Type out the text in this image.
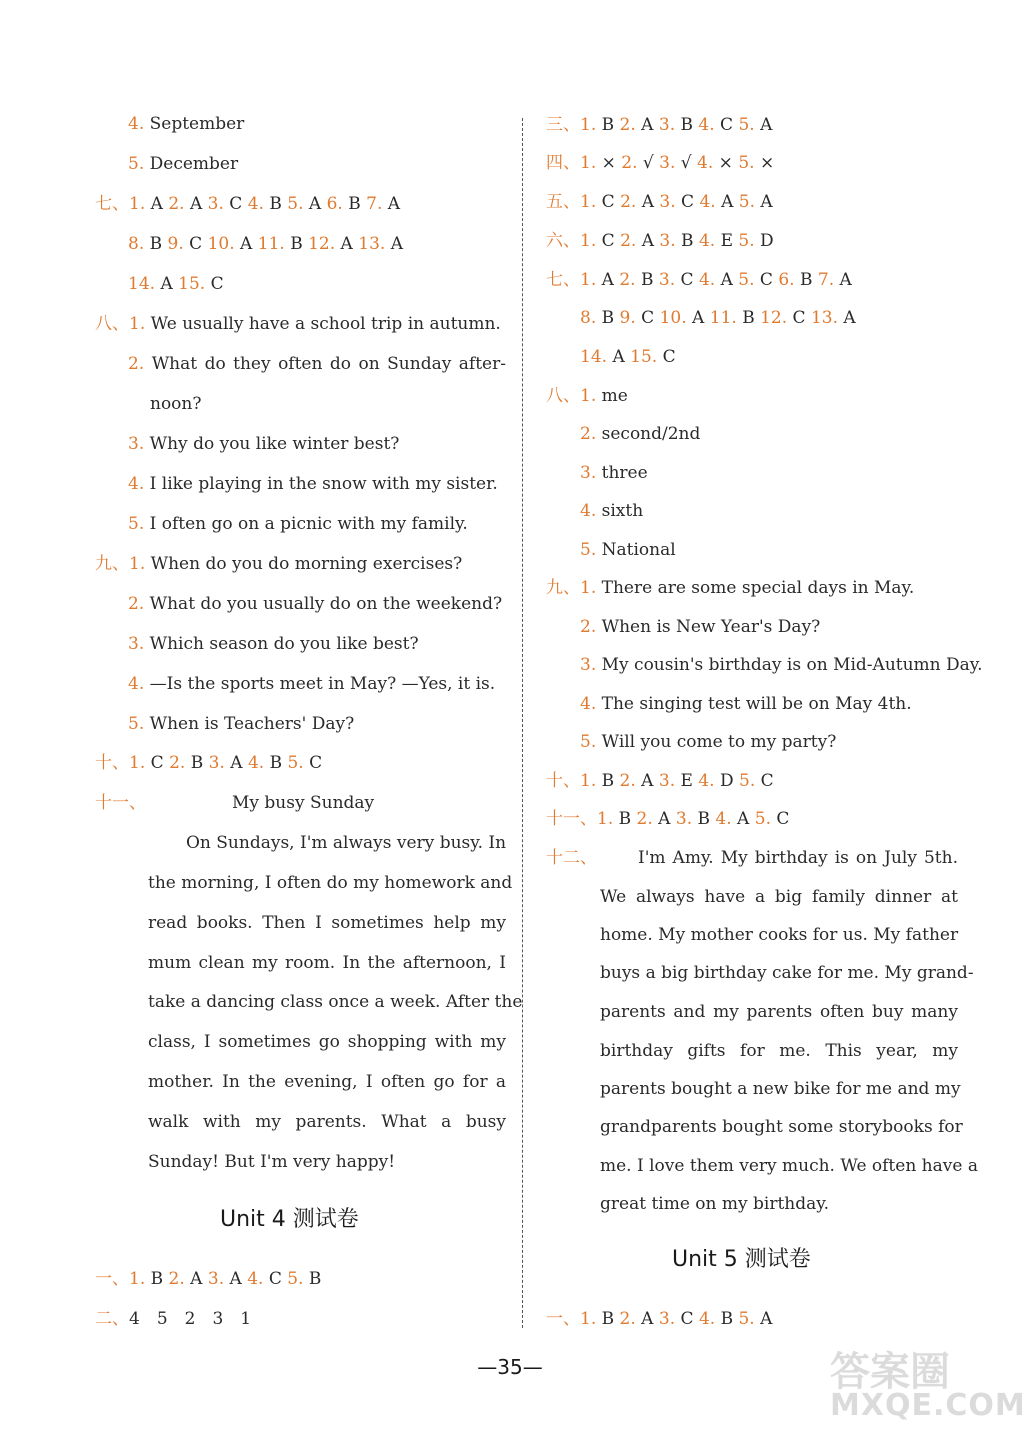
4. September
5. December
七、1. A 2. A 3. C 4. B 5. A 6. B 7. A
8. B 9. C 10. A 11. B 12. A 13. A
14. A 15. C
八、1. We usually have a school trip in autumn.
2. What do they often do on Sunday after-
noon?
3. Why do you like winter best?
4. I like playing in the snow with my sister.
5. I often go on a picnic with my family.
九、1. When do you do morning exercises?
2. What do you usually do on the weekend?
3. Which season do you like best?
4. —Is the sports meet in May? —Yes, it is.
5. When is Teachers' Day?
十、1. C 2. B 3. A 4. B 5. C
十一、	My busy Sunday
On Sundays, I'm always very busy. In
the morning, I often do my homework and
read books. Then I sometimes help my
mum clean my room. In the afternoon, I
take a dancing class once a week. After the
class, I sometimes go shopping with my
mother. In the evening, I often go for a
walk with my parents. What a busy
Sunday! But I'm very happy!
Unit 4 测试卷
一、1. B 2. A 3. A 4. C 5. B
二、4　5　2　3　1
三、1. B 2. A 3. B 4. C 5. A
四、1. × 2. √ 3. √ 4. × 5. ×
五、1. C 2. A 3. C 4. A 5. A
六、1. C 2. A 3. B 4. E 5. D
七、1. A 2. B 3. C 4. A 5. C 6. B 7. A
8. B 9. C 10. A 11. B 12. C 13. A
14. A 15. C
八、1. me
2. second/2nd
3. three
4. sixth
5. National
九、1. There are some special days in May.
2. When is New Year's Day?
3. My cousin's birthday is on Mid-Autumn Day.
4. The singing test will be on May 4th.
5. Will you come to my party?
十、1. B 2. A 3. E 4. D 5. C
十一、1. B 2. A 3. B 4. A 5. C
十二、 I'm Amy. My birthday is on July 5th.
We always have a big family dinner at
home. My mother cooks for us. My father
buys a big birthday cake for me. My grand-
parents and my parents often buy many
birthday gifts for me. This year, my
parents bought a new bike for me and my
grandparents bought some storybooks for
me. I love them very much. We often have a
great time on my birthday.
Unit 5 测试卷
一、1. B 2. A 3. C 4. B 5. A
—35—	答案圈
MXQE.COM
